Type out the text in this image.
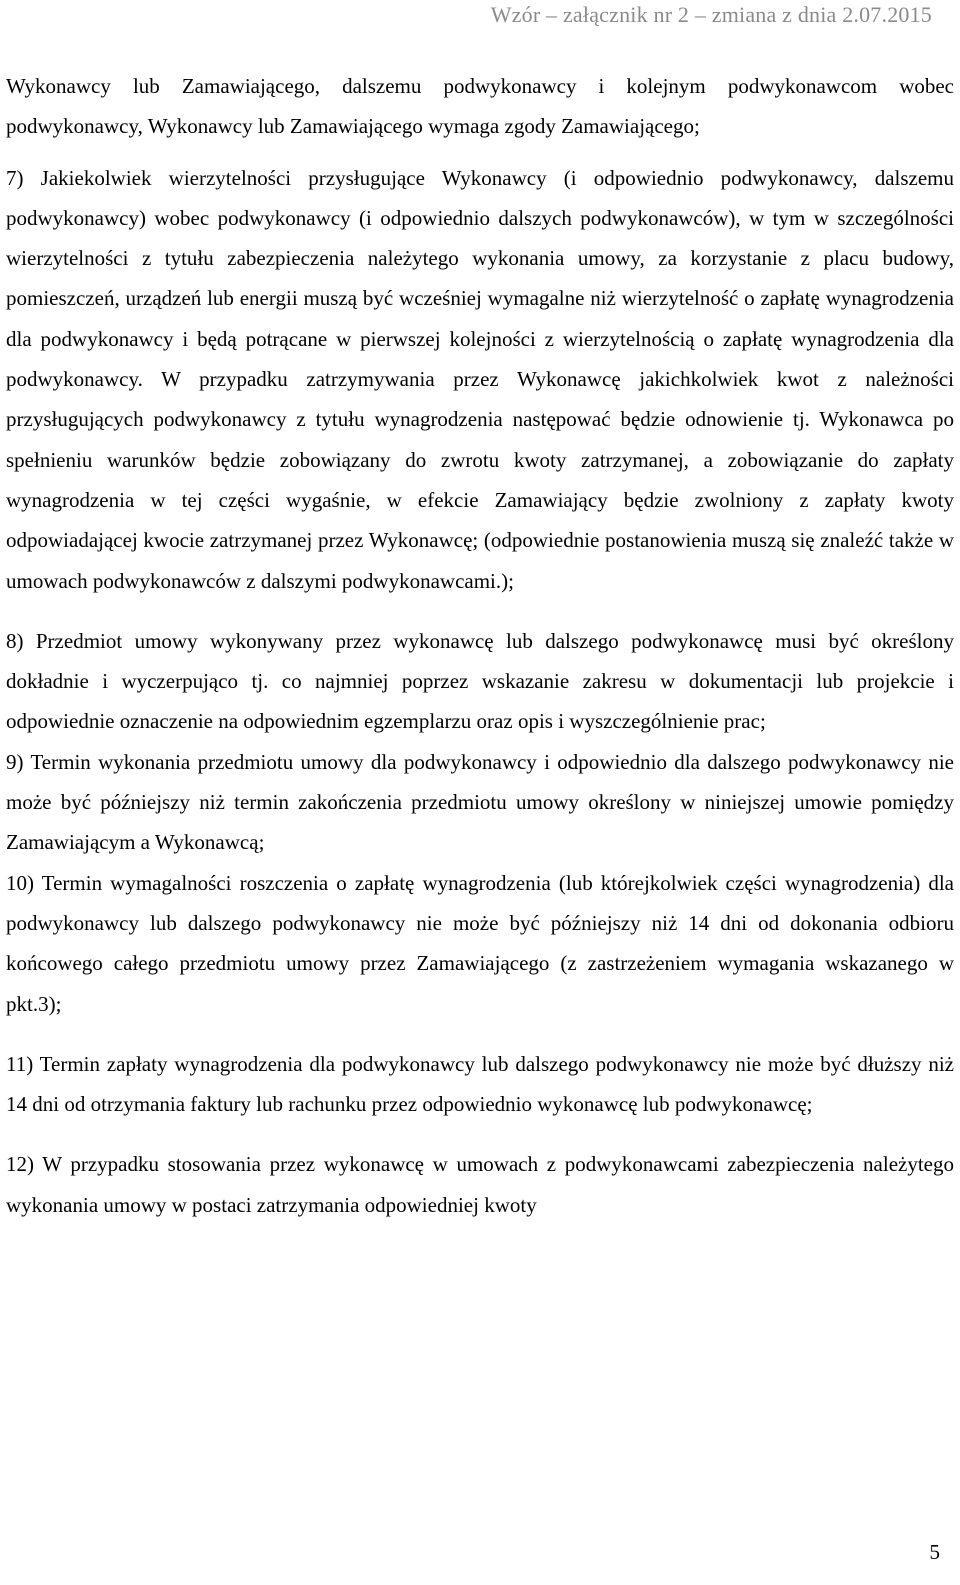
Wzór – załącznik nr 2 – zmiana z dnia 2.07.2015

Wykonawcy lub Zamawiającego, dalszemu podwykonawcy i kolejnym podwykonawcom wobec podwykonawcy, Wykonawcy lub Zamawiającego wymaga zgody Zamawiającego;

7) Jakiekolwiek wierzytelności przysługujące Wykonawcy (i odpowiednio podwykonawcy, dalszemu podwykonawcy) wobec podwykonawcy (i odpowiednio dalszych podwykonawców), w tym w szczególności wierzytelności z tytułu zabezpieczenia należytego wykonania umowy, za korzystanie z placu budowy, pomieszczeń, urządzeń lub energii muszą być wcześniej wymagalne niż wierzytelność o zapłatę wynagrodzenia dla podwykonawcy i będą potrącane w pierwszej kolejności z wierzytelnością o zapłatę wynagrodzenia dla podwykonawcy. W przypadku zatrzymywania przez Wykonawcę jakichkolwiek kwot z należności przysługujących podwykonawcy z tytułu wynagrodzenia następować będzie odnowienie tj. Wykonawca po spełnieniu warunków będzie zobowiązany do zwrotu kwoty zatrzymanej, a zobowiązanie do zapłaty wynagrodzenia w tej części wygaśnie, w efekcie Zamawiający będzie zwolniony z zapłaty kwoty odpowiadającej kwocie zatrzymanej przez Wykonawcę; (odpowiednie postanowienia muszą się znaleźć także w umowach podwykonawców z dalszymi podwykonawcami.);

8) Przedmiot umowy wykonywany przez wykonawcę lub dalszego podwykonawcę musi być określony dokładnie i wyczerpująco tj. co najmniej poprzez wskazanie zakresu w dokumentacji lub projekcie i odpowiednie oznaczenie na odpowiednim egzemplarzu oraz opis i wyszczególnienie prac;

9) Termin wykonania przedmiotu umowy dla podwykonawcy i odpowiednio dla dalszego podwykonawcy nie może być późniejszy niż termin zakończenia przedmiotu umowy określony w niniejszej umowie pomiędzy Zamawiającym a Wykonawcą;

10) Termin wymagalności roszczenia o zapłatę wynagrodzenia (lub którejkolwiek części wynagrodzenia) dla podwykonawcy lub dalszego podwykonawcy nie może być późniejszy niż 14 dni od dokonania odbioru końcowego całego przedmiotu umowy przez Zamawiającego (z zastrzeżeniem wymagania wskazanego w pkt.3);

11) Termin zapłaty wynagrodzenia dla podwykonawcy lub dalszego podwykonawcy nie może być dłuższy niż 14 dni od otrzymania faktury lub rachunku przez odpowiednio wykonawcę lub podwykonawcę;

12) W przypadku stosowania przez wykonawcę w umowach z podwykonawcami zabezpieczenia należytego wykonania umowy w postaci zatrzymania odpowiedniej kwoty

5
